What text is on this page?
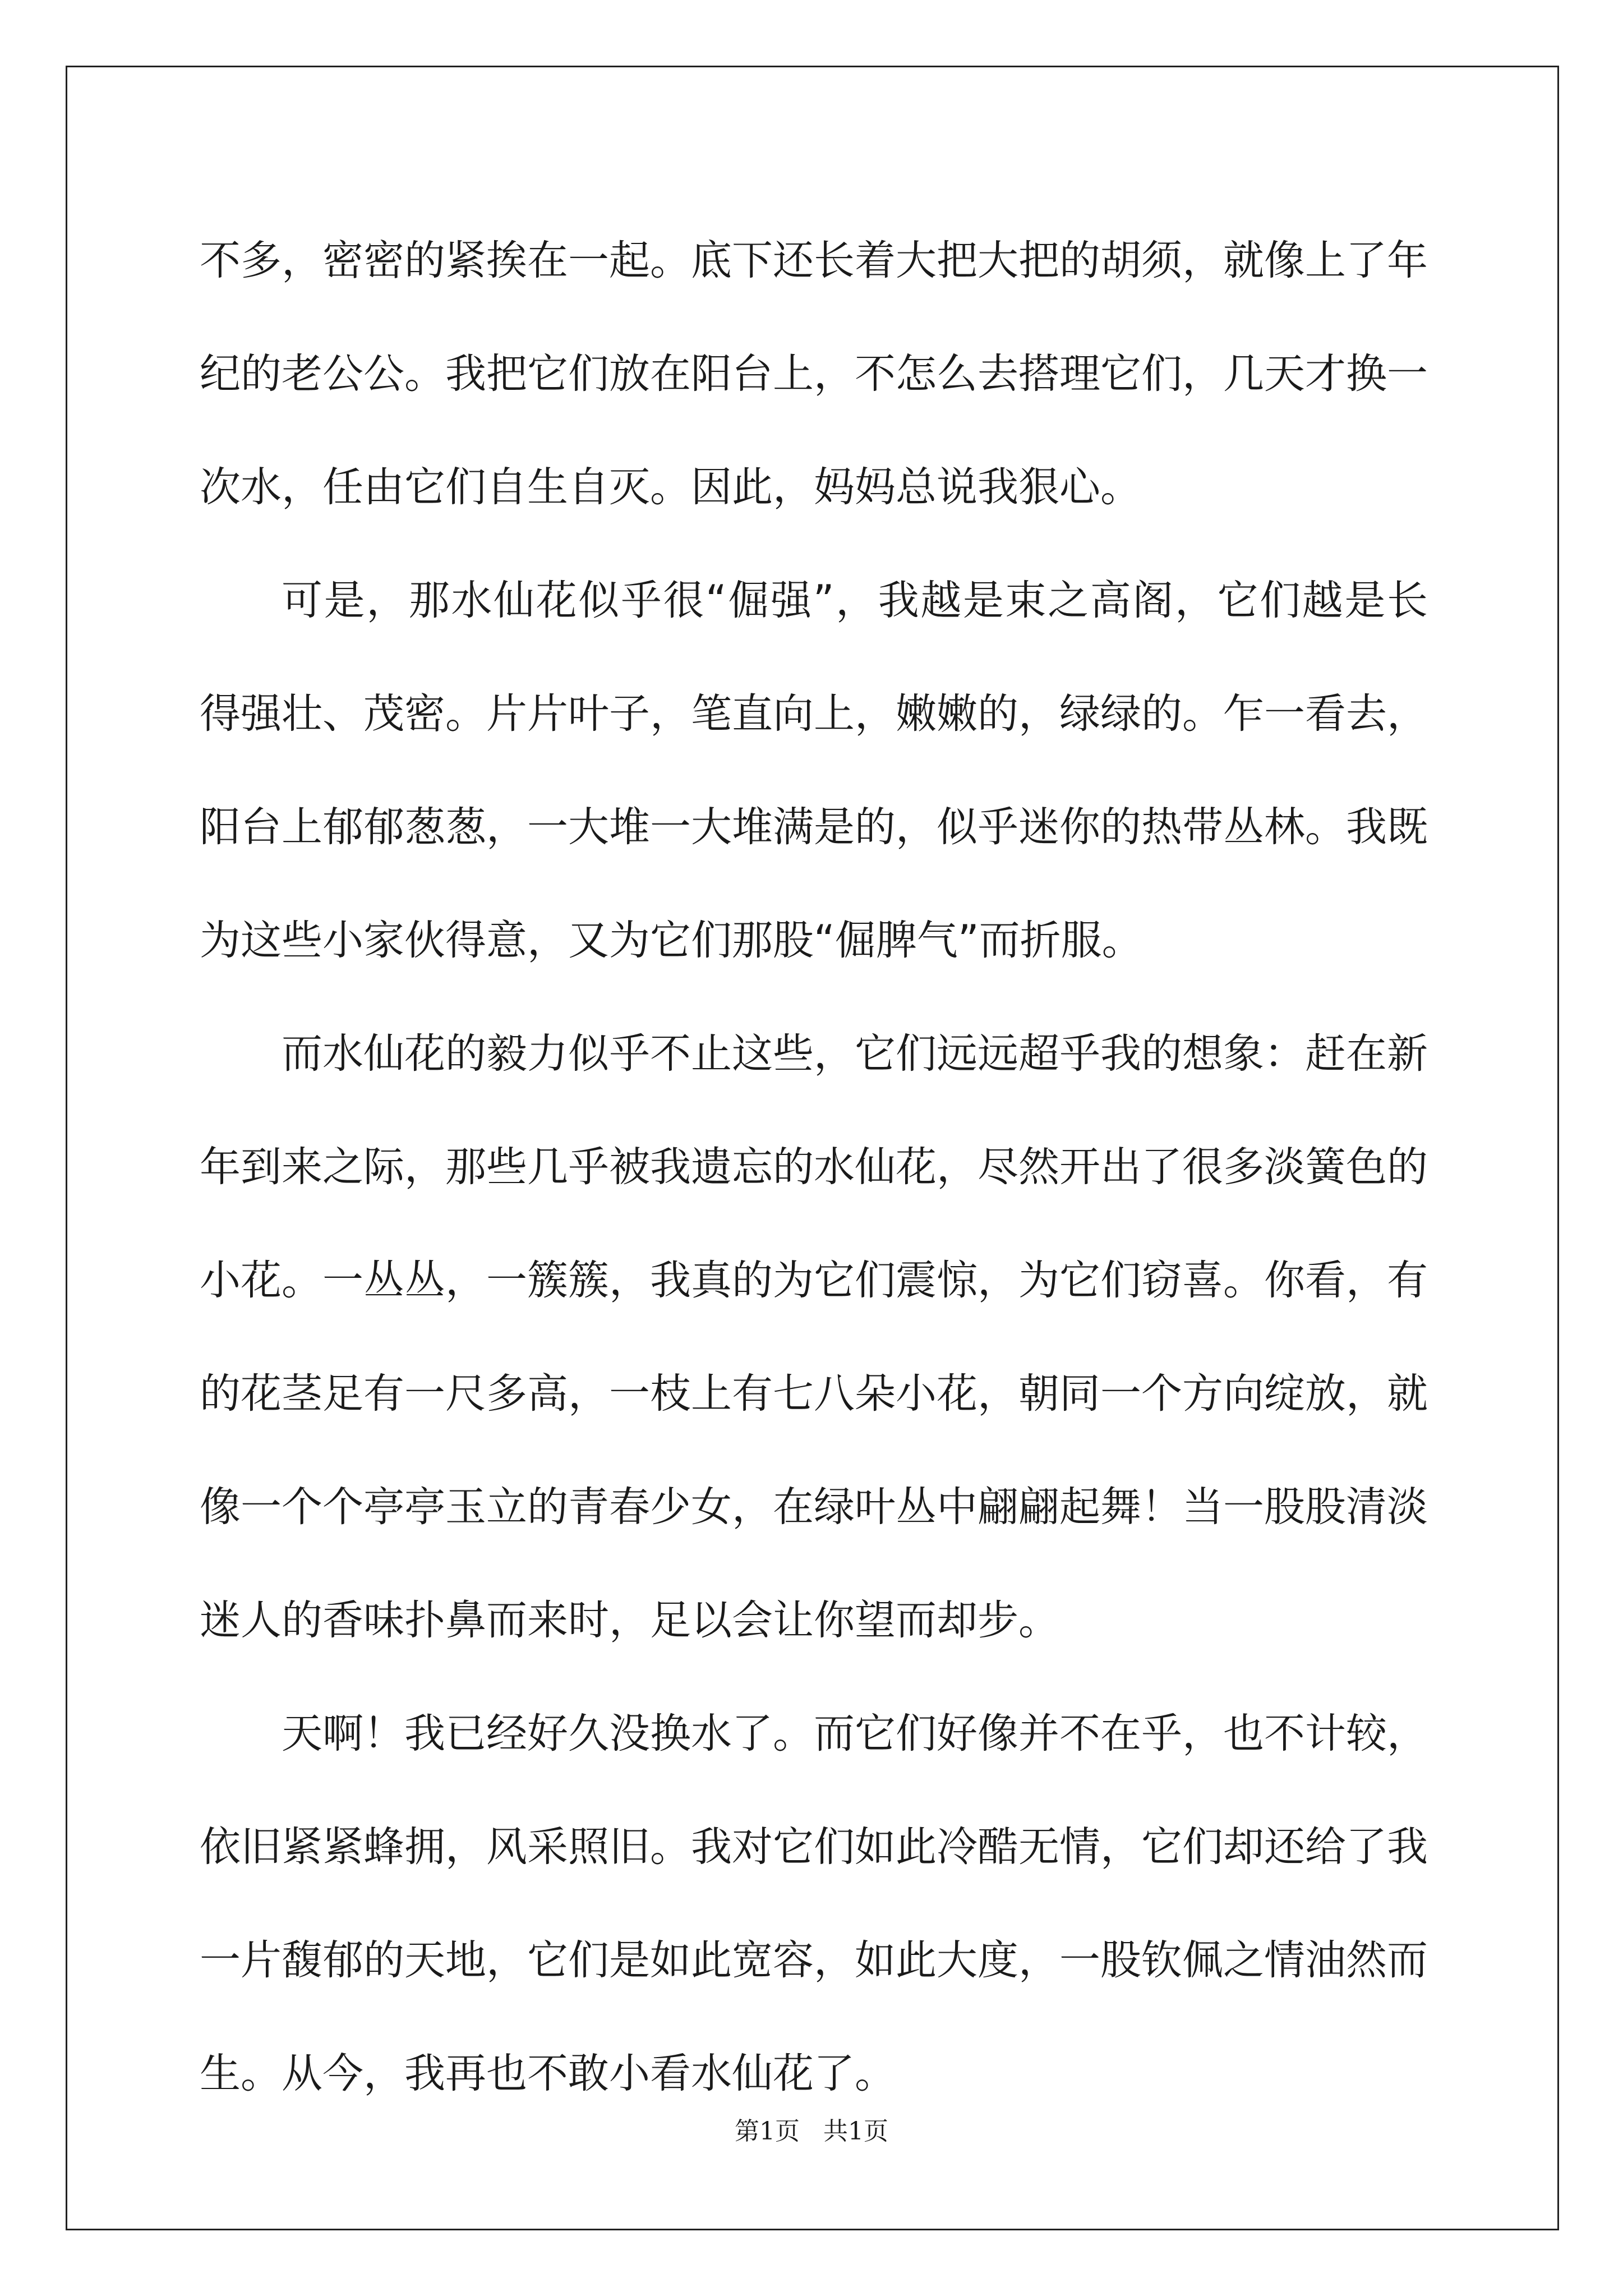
不多，密密的紧挨在一起。底下还长着大把大把的胡须，就像上了年纪的老公公。我把它们放在阳台上，不怎么去搭理它们，几天才换一次水，任由它们自生自灭。因此，妈妈总说我狠心。

可是，那水仙花似乎很“倔强”，我越是束之高阁，它们越是长得强壮、茂密。片片叶子，笔直向上，嫩嫩的，绿绿的。乍一看去，阳台上郁郁葱葱，一大堆一大堆满是的，似乎迷你的热带丛林。我既为这些小家伙得意，又为它们那股“倔脾气”而折服。

而水仙花的毅力似乎不止这些，它们远远超乎我的想象：赶在新年到来之际，那些几乎被我遗忘的水仙花，尽然开出了很多淡簧色的小花。一丛丛，一簇簇，我真的为它们震惊，为它们窃喜。你看，有的花茎足有一尺多高，一枝上有七八朵小花，朝同一个方向绽放，就像一个个亭亭玉立的青春少女，在绿叶丛中翩翩起舞！当一股股清淡迷人的香味扑鼻而来时，足以会让你望而却步。

天啊！我已经好久没换水了。而它们好像并不在乎，也不计较，依旧紧紧蜂拥，风采照旧。我对它们如此冷酷无情，它们却还给了我一片馥郁的天地，它们是如此宽容，如此大度，一股钦佩之情油然而生。从今，我再也不敢小看水仙花了。

第1页   共1页
